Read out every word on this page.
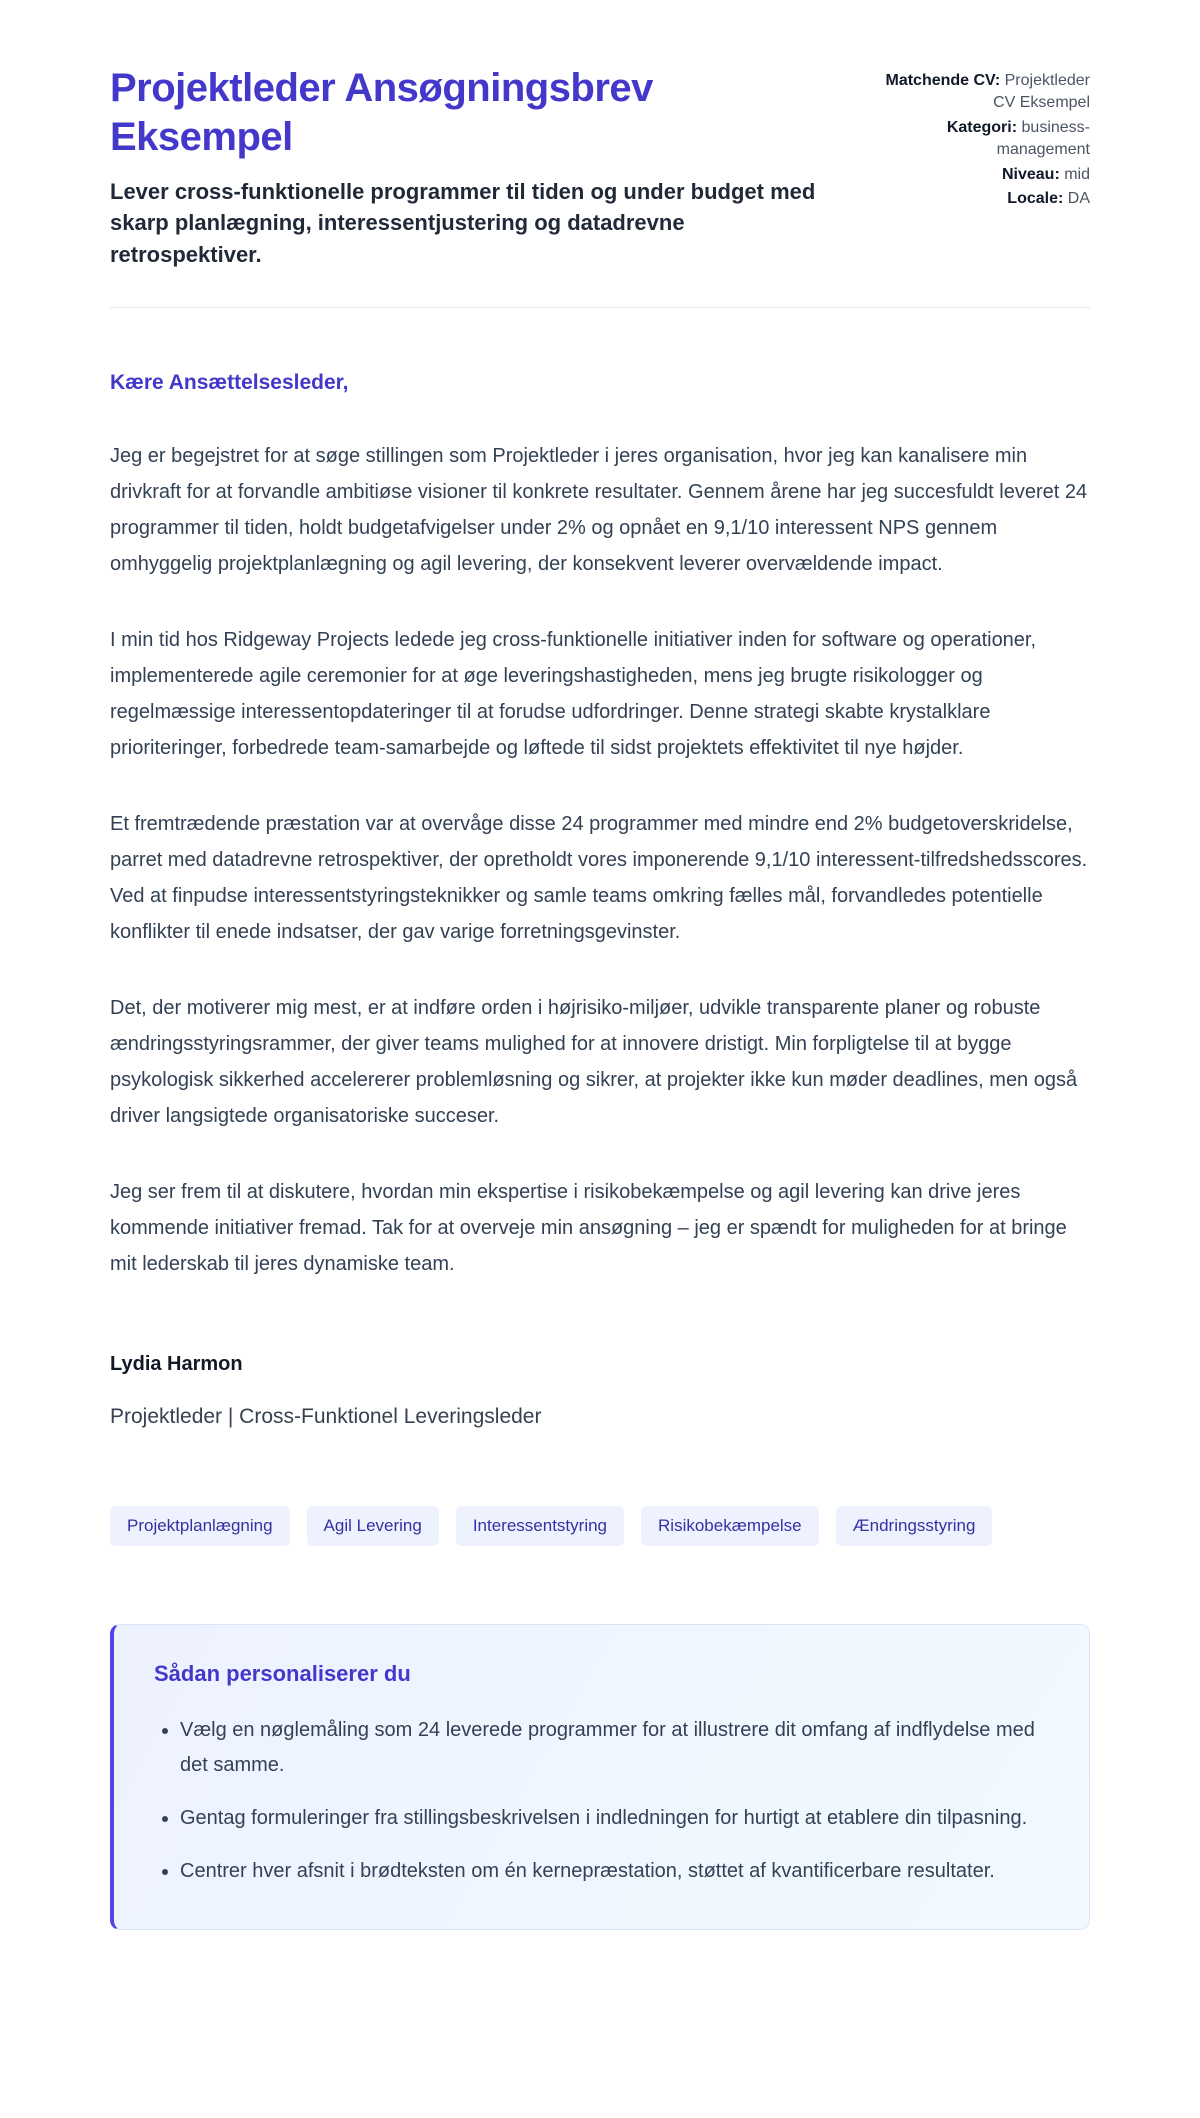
Projektleder Ansøgningsbrev Eksempel

Lever cross-funktionelle programmer til tiden og under budget med skarp planlægning, interessentjustering og datadrevne retrospektiver.

Matchende CV: Projektleder CV Eksempel
Kategori: business-management
Niveau: mid
Locale: DA

Kære Ansættelsesleder,

Jeg er begejstret for at søge stillingen som Projektleder i jeres organisation, hvor jeg kan kanalisere min drivkraft for at forvandle ambitiøse visioner til konkrete resultater. Gennem årene har jeg succesfuldt leveret 24 programmer til tiden, holdt budgetafvigelser under 2% og opnået en 9,1/10 interessent NPS gennem omhyggelig projektplanlægning og agil levering, der konsekvent leverer overvældende impact.

I min tid hos Ridgeway Projects ledede jeg cross-funktionelle initiativer inden for software og operationer, implementerede agile ceremonier for at øge leveringshastigheden, mens jeg brugte risikologger og regelmæssige interessentopdateringer til at forudse udfordringer. Denne strategi skabte krystalklare prioriteringer, forbedrede team-samarbejde og løftede til sidst projektets effektivitet til nye højder.

Et fremtrædende præstation var at overvåge disse 24 programmer med mindre end 2% budgetoverskridelse, parret med datadrevne retrospektiver, der opretholdt vores imponerende 9,1/10 interessent-tilfredshedsscores. Ved at finpudse interessentstyringsteknikker og samle teams omkring fælles mål, forvandledes potentielle konflikter til enede indsatser, der gav varige forretningsgevinster.

Det, der motiverer mig mest, er at indføre orden i højrisiko-miljøer, udvikle transparente planer og robuste ændringsstyringsrammer, der giver teams mulighed for at innovere dristigt. Min forpligtelse til at bygge psykologisk sikkerhed accelererer problemløsning og sikrer, at projekter ikke kun møder deadlines, men også driver langsigtede organisatoriske succeser.

Jeg ser frem til at diskutere, hvordan min ekspertise i risikobekæmpelse og agil levering kan drive jeres kommende initiativer fremad. Tak for at overveje min ansøgning – jeg er spændt for muligheden for at bringe mit lederskab til jeres dynamiske team.

Lydia Harmon

Projektleder | Cross-Funktionel Leveringsleder

Projektplanlægning	Agil Levering	Interessentstyring	Risikobekæmpelse	Ændringsstyring
Sådan personaliserer du
• Vælg en nøglemåling som 24 leverede programmer for at illustrere dit omfang af indflydelse med det samme.
• Gentag formuleringer fra stillingsbeskrivelsen i indledningen for hurtigt at etablere din tilpasning.
• Centrer hver afsnit i brødteksten om én kernepræstation, støttet af kvantificerbare resultater.
